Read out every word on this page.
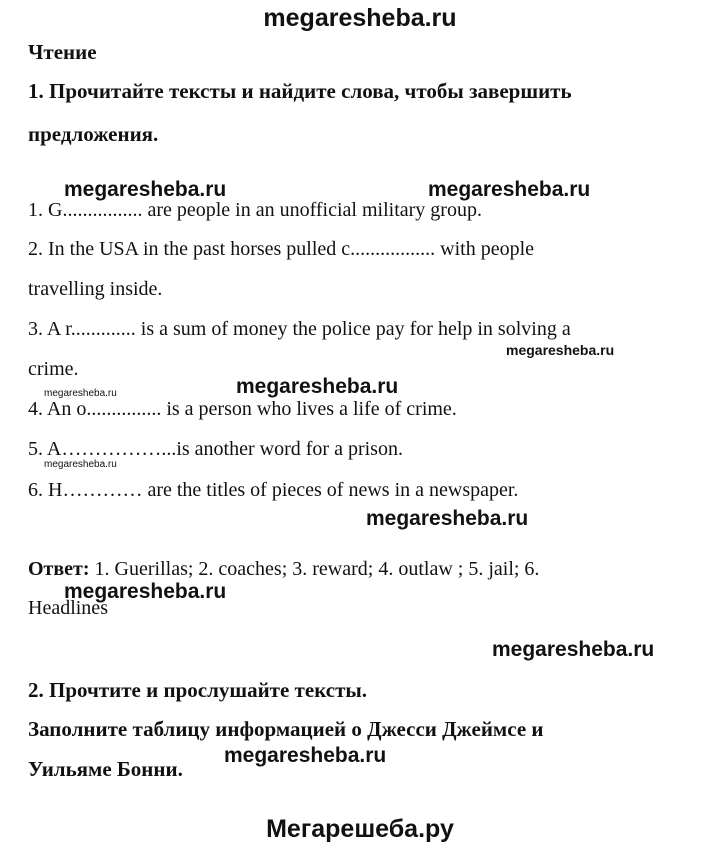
megaresheba.ru
Чтение
1. Прочитайте тексты и найдите слова, чтобы завершить
предложения.
megaresheba.ru	megaresheba.ru
1. G................ are people in an unofficial military group.
2. In the USA in the past horses pulled c................. with people
travelling inside.
3. A r............. is a sum of money the police pay for help in solving a
megaresheba.ru
crime.
megaresheba.ru
megaresheba.ru
4. An o............... is a person who lives a life of crime.
5. A……………...is another word for a prison.
megaresheba.ru
6. H………… are the titles of pieces of news in a newspaper.
megaresheba.ru
Ответ: 1. Guerillas; 2. coaches; 3. reward; 4. outlaw ; 5. jail; 6.
megaresheba.ru
Headlines
megaresheba.ru
2. Прочтите и прослушайте тексты.
Заполните таблицу информацией о Джесси Джеймсе и
megaresheba.ru
Уильяме Бонни.
Мегарешеба.ру
